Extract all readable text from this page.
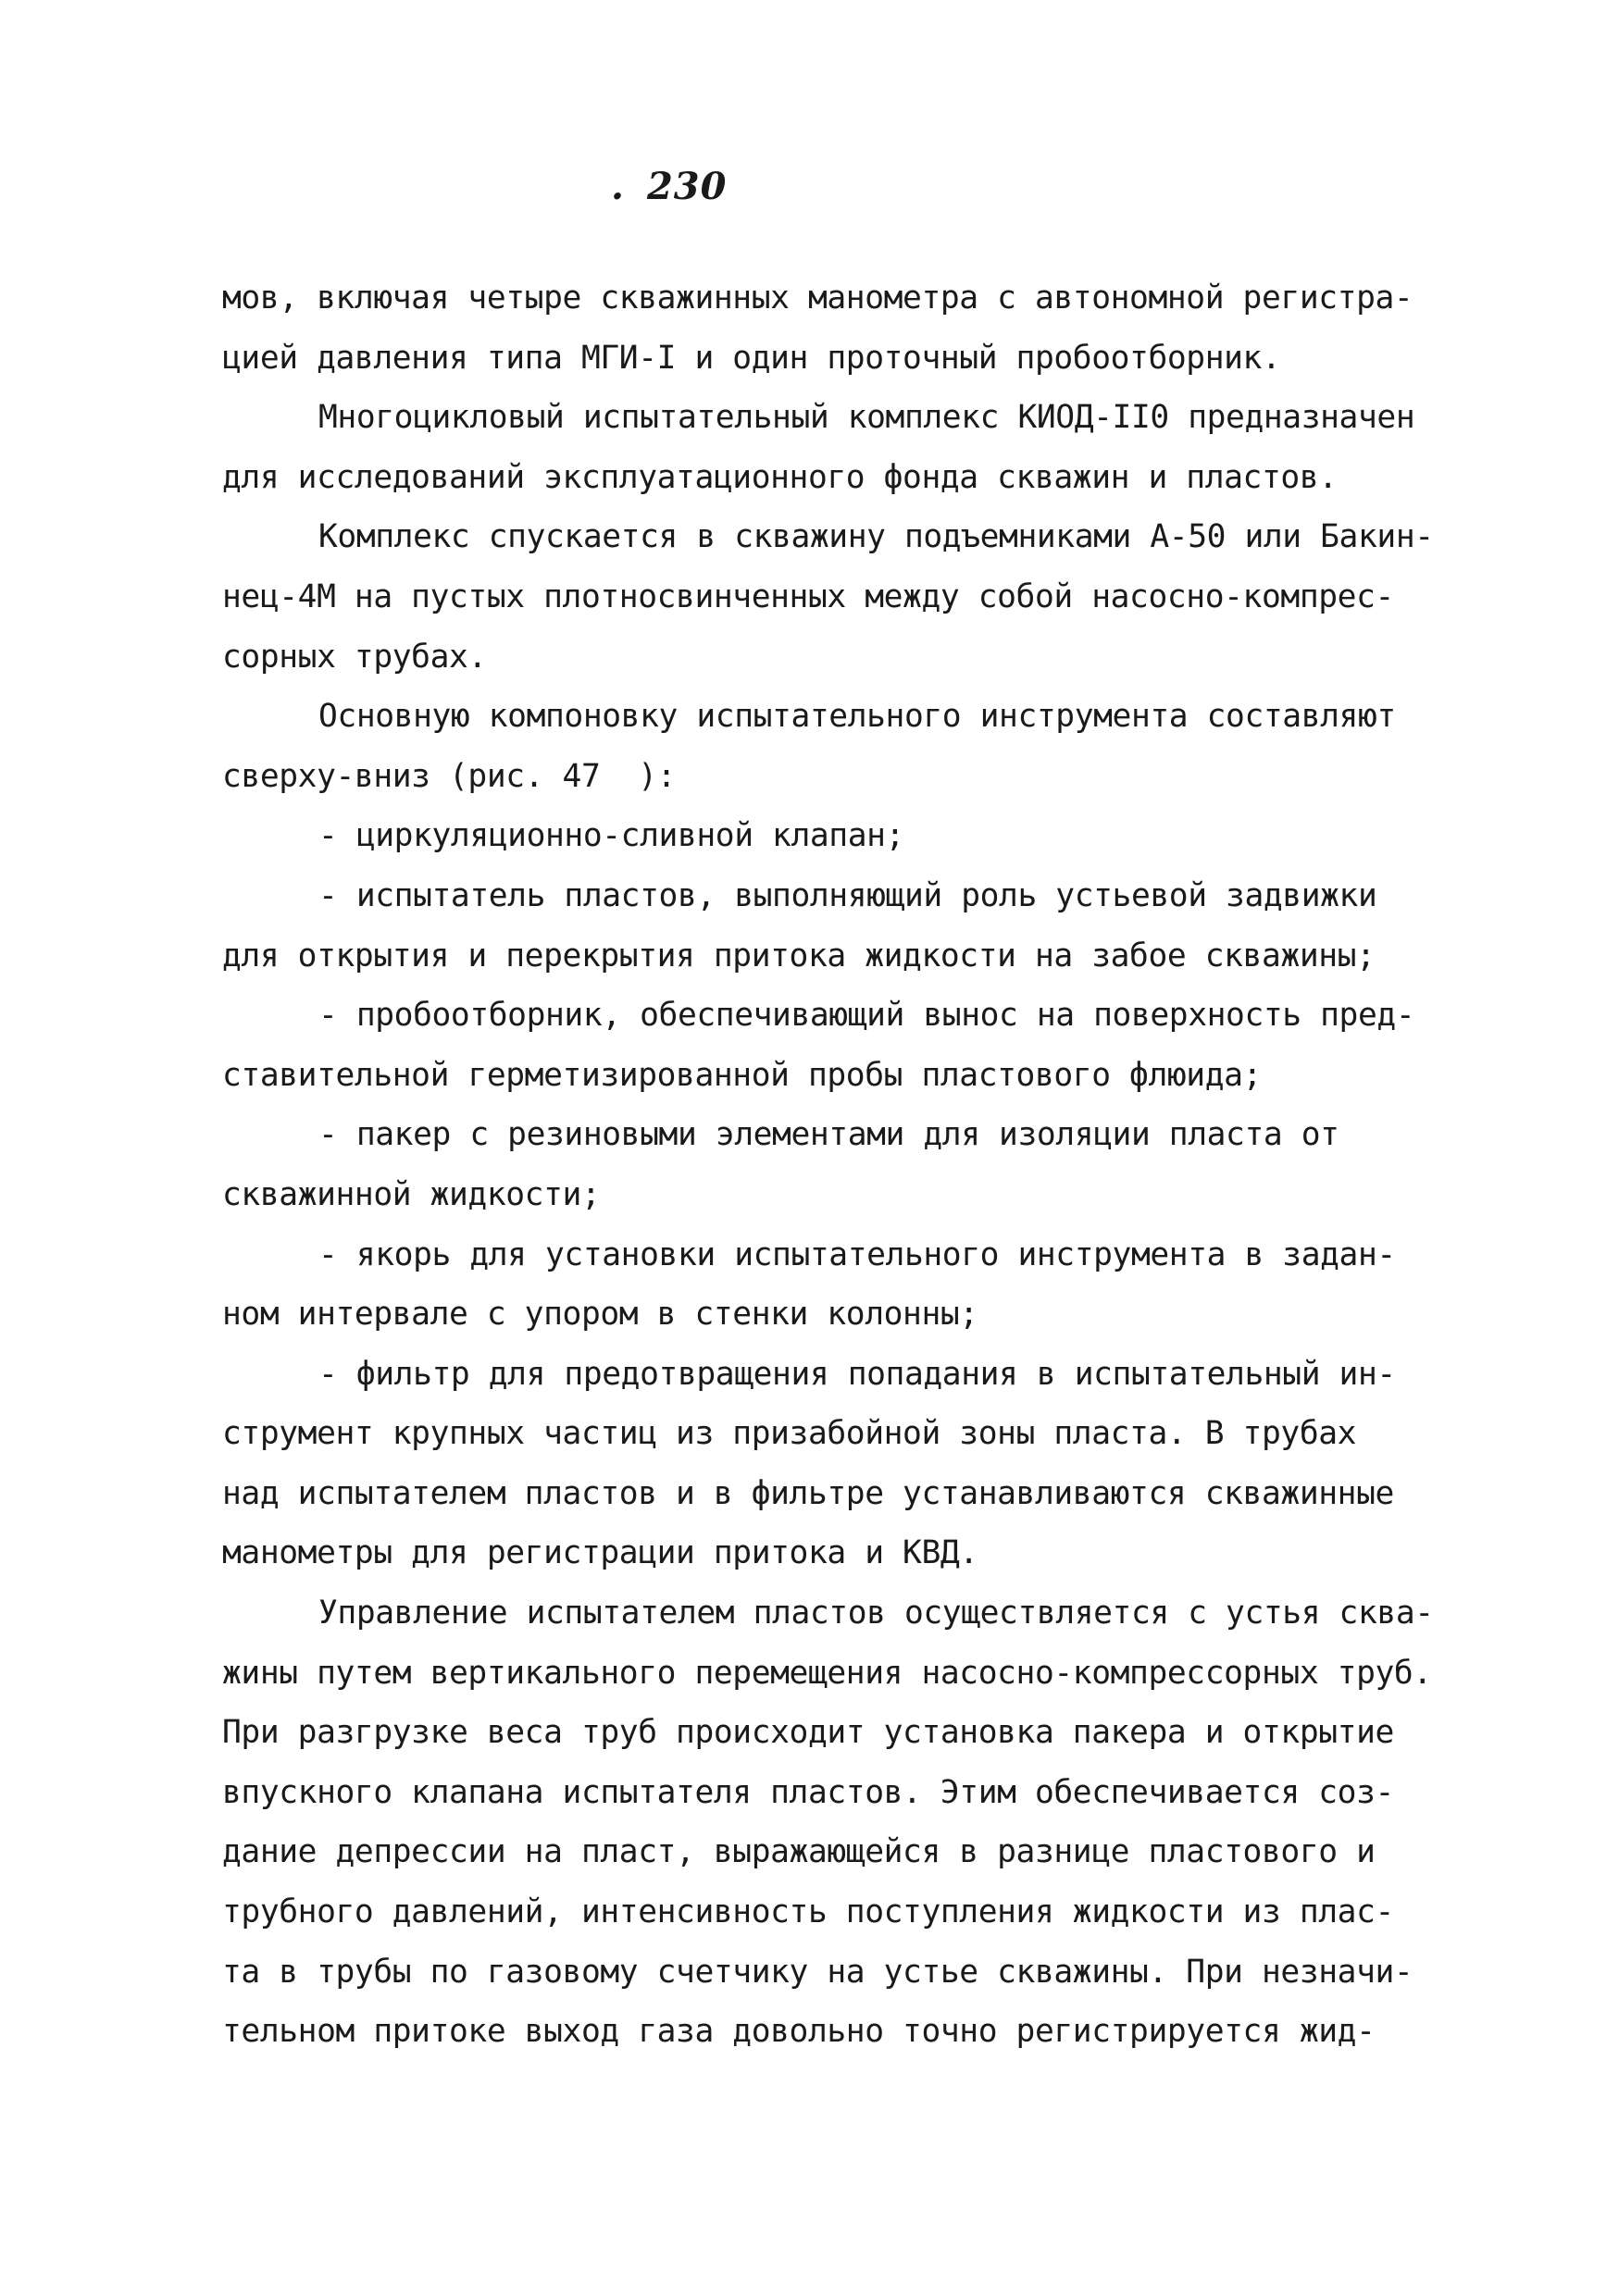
. 230
мов, включая четыре скважинных манометра с автономной регистра-
цией давления типа МГИ-I и один проточный пробоотборник.
Многоцикловый испытательный комплекс КИОД-II0 предназначен
для исследований эксплуатационного фонда скважин и пластов.
Комплекс спускается в скважину подъемниками А-50 или Бакин-
нец-4М на пустых плотносвинченных между собой насосно-компрес-
сорных трубах.
Основную компоновку испытательного инструмента составляют
сверху-вниз (рис. 47  ):
- циркуляционно-сливной клапан;
- испытатель пластов, выполняющий роль устьевой задвижки
для открытия и перекрытия притока жидкости на забое скважины;
- пробоотборник, обеспечивающий вынос на поверхность пред-
ставительной герметизированной пробы пластового флюида;
- пакер с резиновыми элементами для изоляции пласта от
скважинной жидкости;
- якорь для установки испытательного инструмента в задан-
ном интервале с упором в стенки колонны;
- фильтр для предотвращения попадания в испытательный ин-
струмент крупных частиц из призабойной зоны пласта. В трубах
над испытателем пластов и в фильтре устанавливаются скважинные
манометры для регистрации притока и КВД.
Управление испытателем пластов осуществляется с устья сква-
жины путем вертикального перемещения насосно-компрессорных труб.
При разгрузке веса труб происходит установка пакера и открытие
впускного клапана испытателя пластов. Этим обеспечивается соз-
дание депрессии на пласт, выражающейся в разнице пластового и
трубного давлений, интенсивность поступления жидкости из плас-
та в трубы по газовому счетчику на устье скважины. При незначи-
тельном притоке выход газа довольно точно регистрируется жид-
